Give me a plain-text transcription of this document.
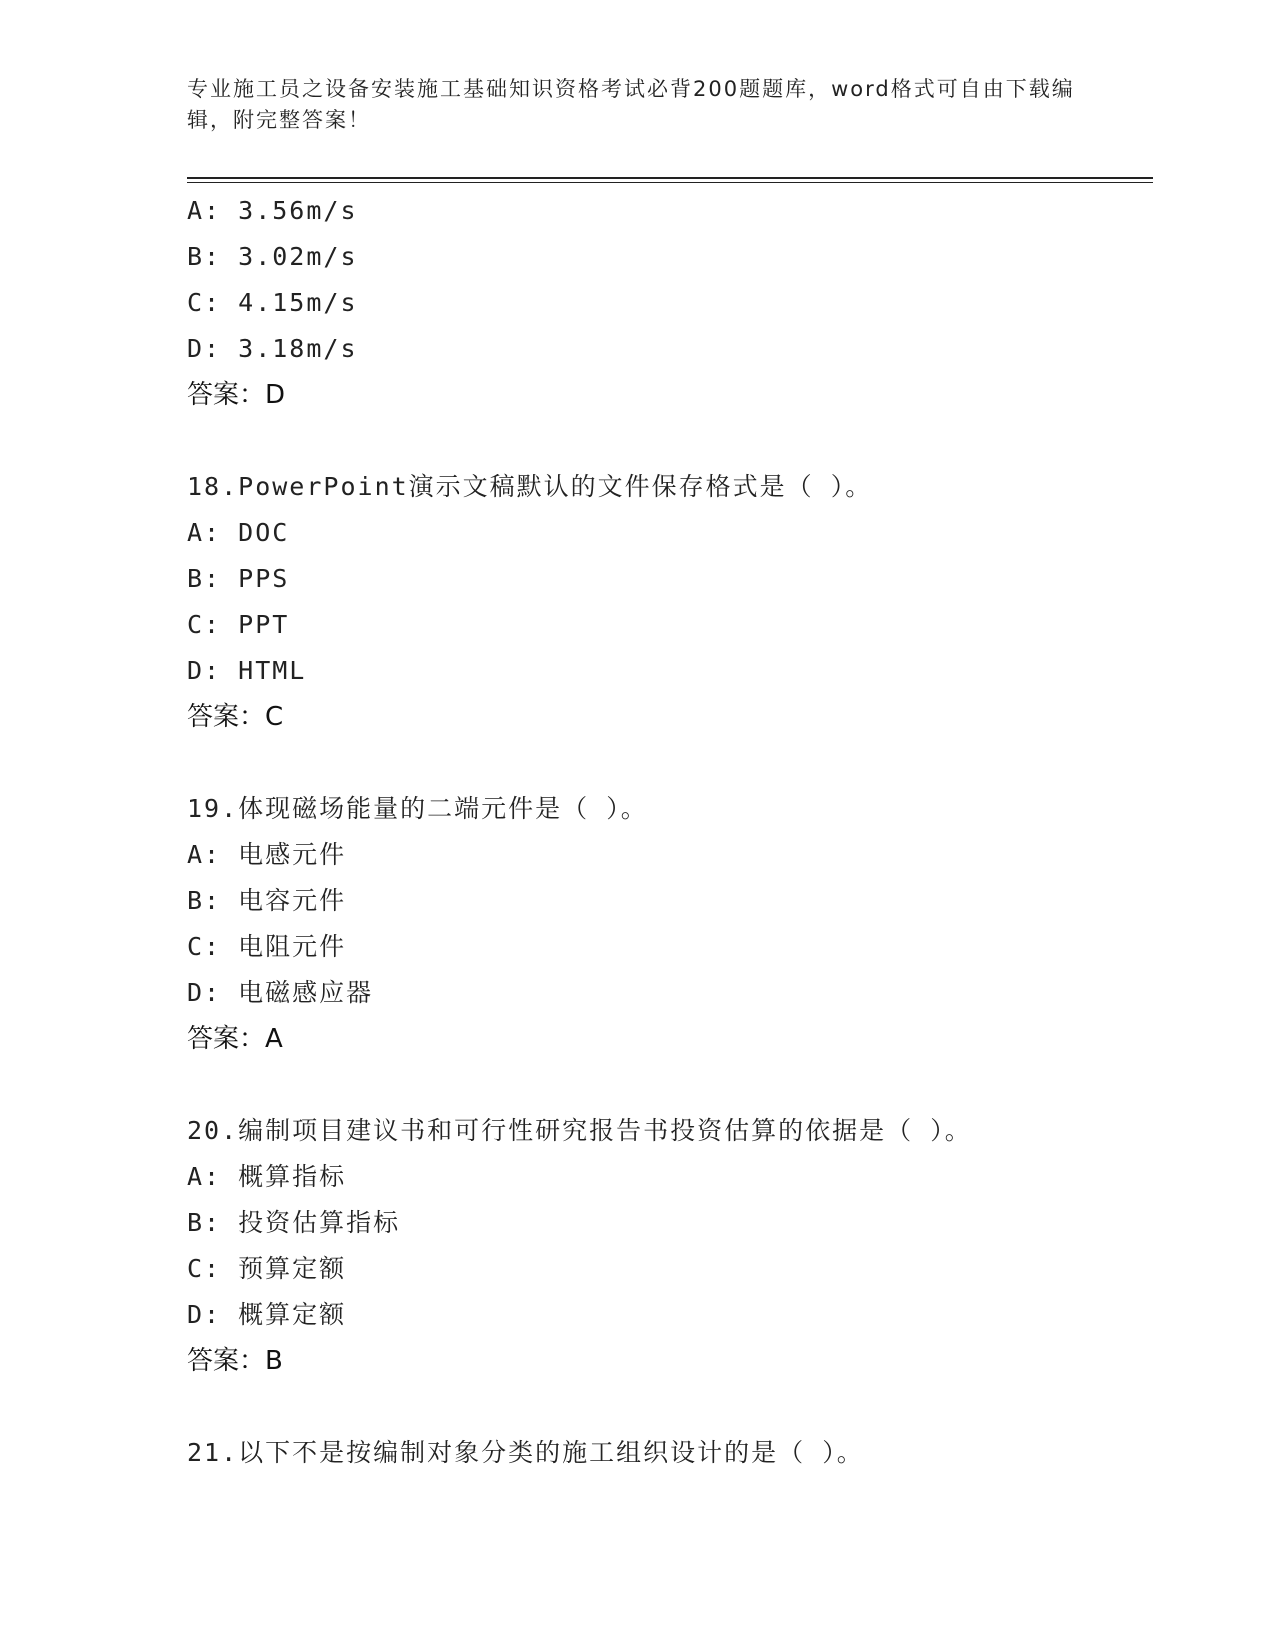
专业施工员之设备安装施工基础知识资格考试必背200题题库，word格式可自由下载编辑，附完整答案！
A: 3.56m/s
B: 3.02m/s
C: 4.15m/s
D: 3.18m/s
答案：D
18.PowerPoint演示文稿默认的文件保存格式是（ ）。
A: DOC
B: PPS
C: PPT
D: HTML
答案：C
19.体现磁场能量的二端元件是（ ）。
A: 电感元件
B: 电容元件
C: 电阻元件
D: 电磁感应器
答案：A
20.编制项目建议书和可行性研究报告书投资估算的依据是（ ）。
A: 概算指标
B: 投资估算指标
C: 预算定额
D: 概算定额
答案：B
21.以下不是按编制对象分类的施工组织设计的是（ ）。
